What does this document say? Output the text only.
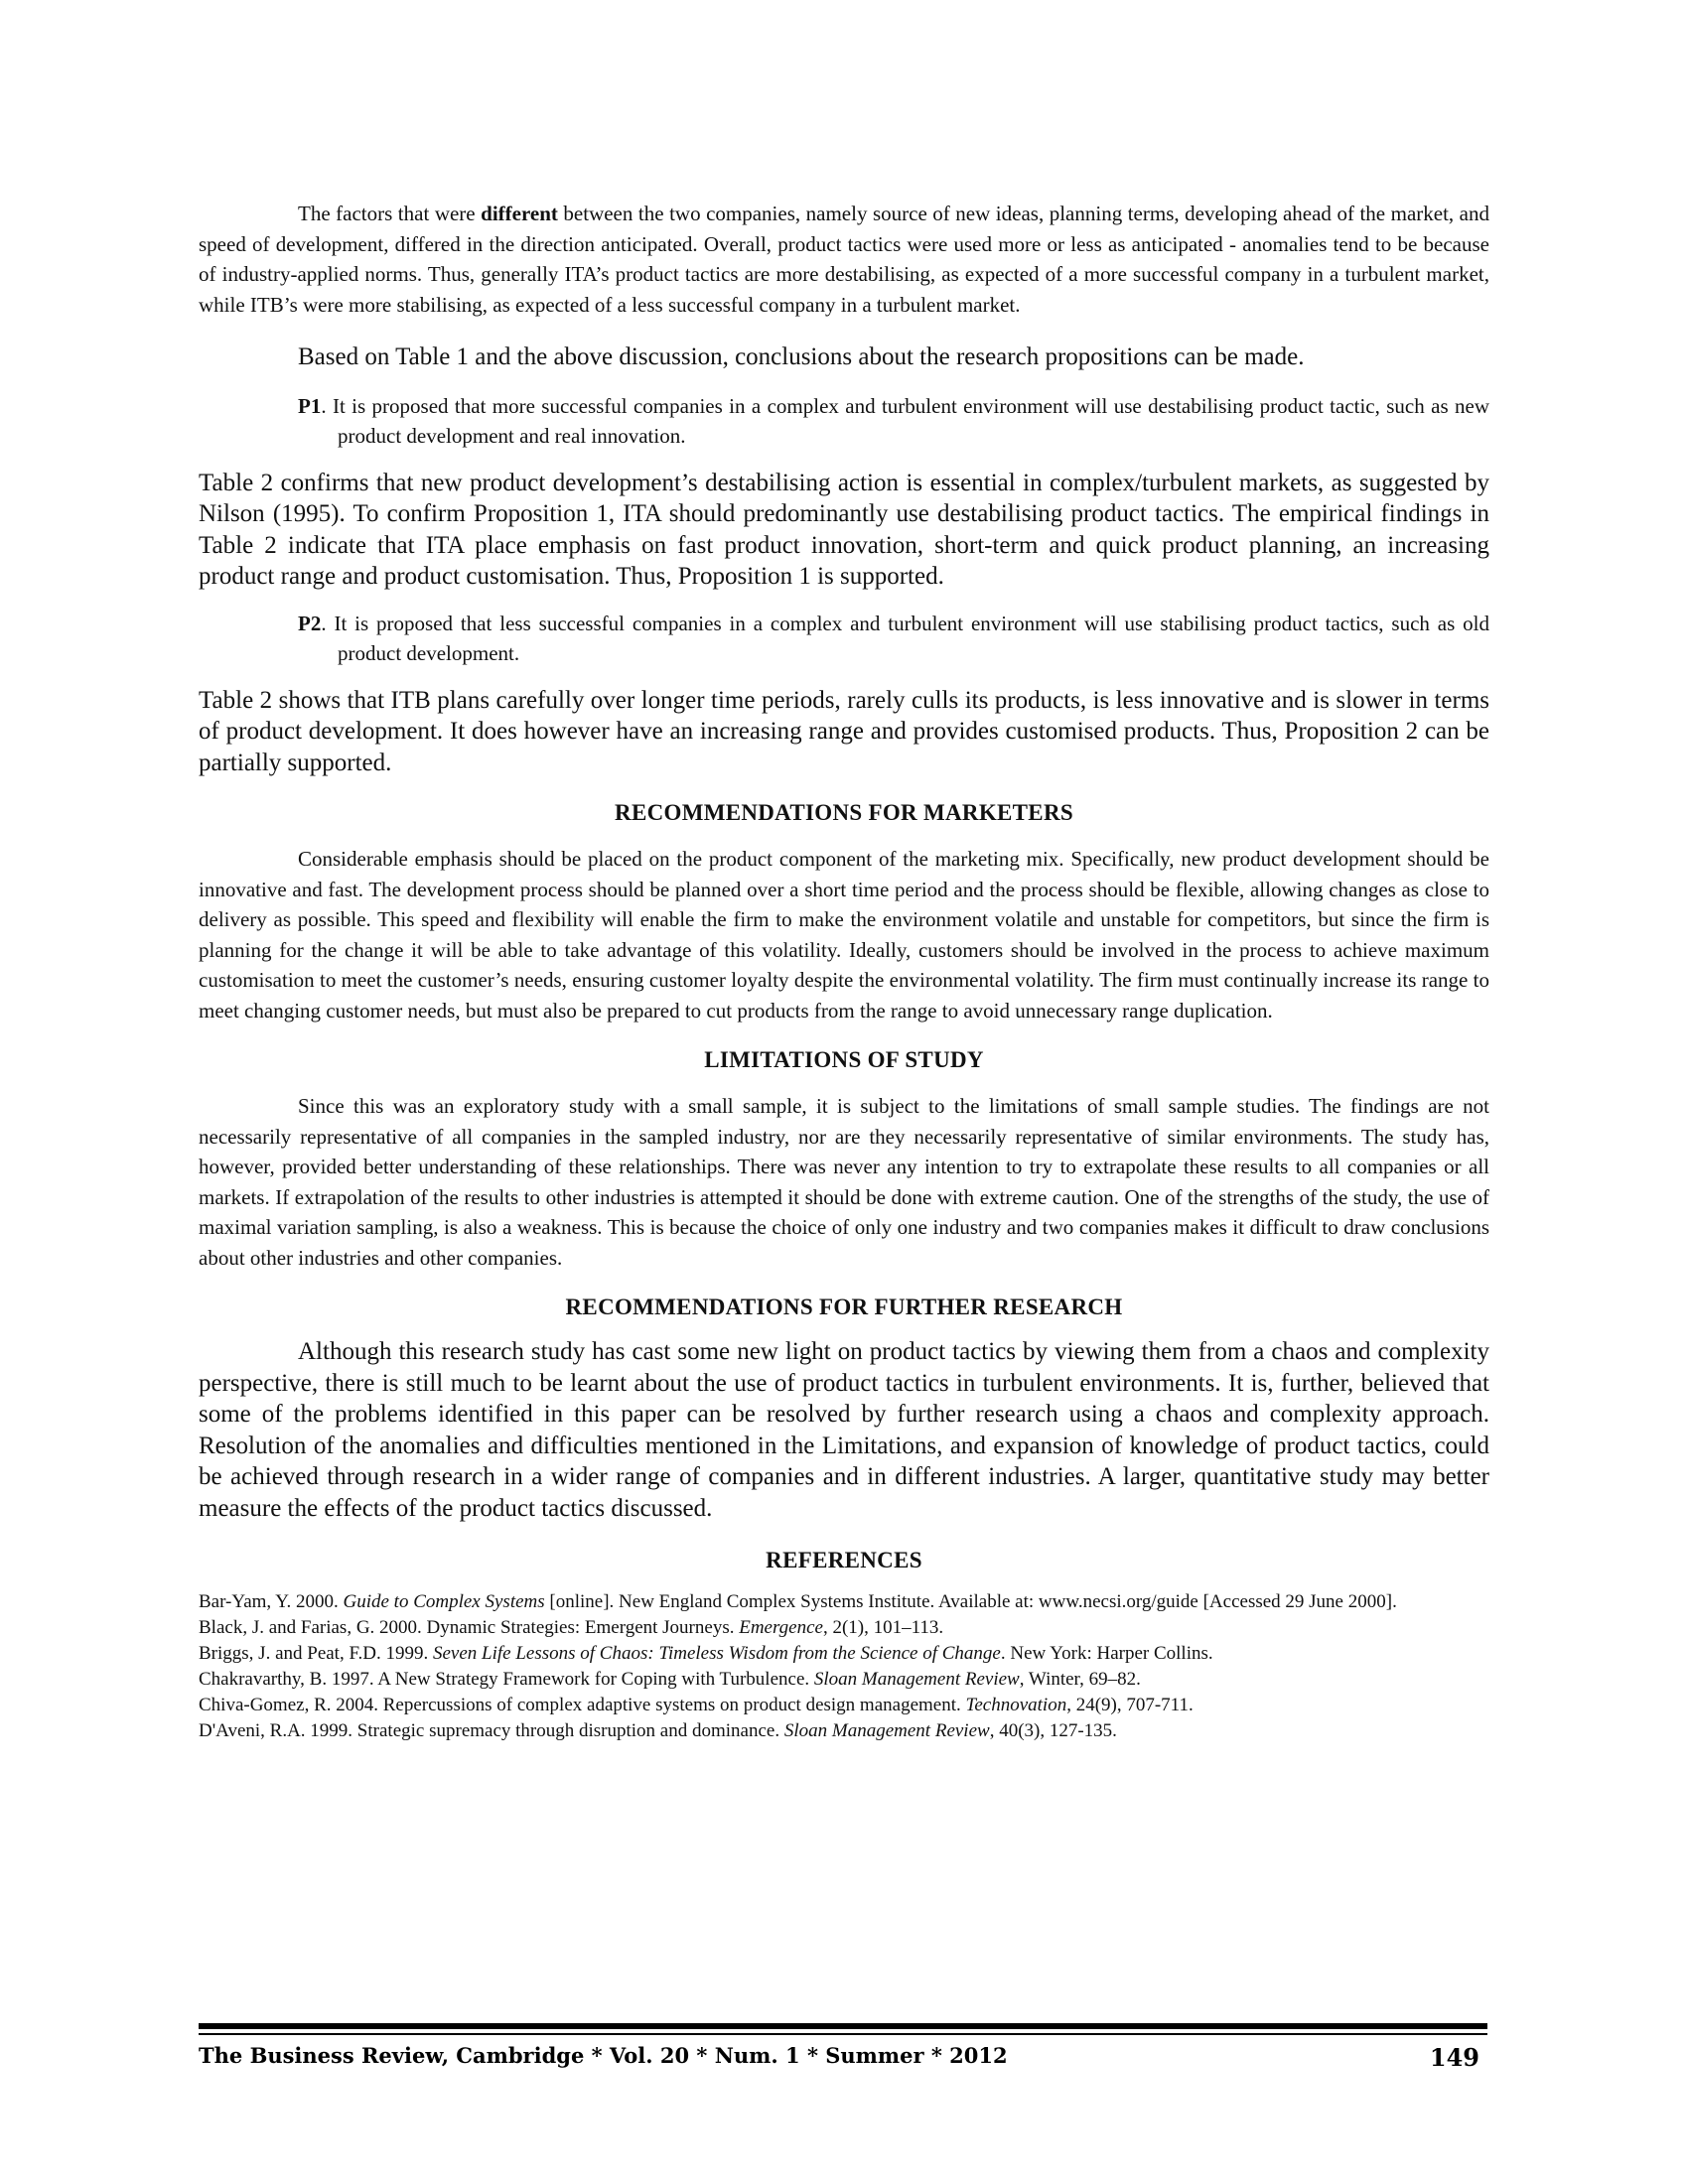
The factors that were different between the two companies, namely source of new ideas, planning terms, developing ahead of the market, and speed of development, differed in the direction anticipated. Overall, product tactics were used more or less as anticipated - anomalies tend to be because of industry-applied norms. Thus, generally ITA’s product tactics are more destabilising, as expected of a more successful company in a turbulent market, while ITB’s were more stabilising, as expected of a less successful company in a turbulent market.

Based on Table 1 and the above discussion, conclusions about the research propositions can be made.

P1. It is proposed that more successful companies in a complex and turbulent environment will use destabilising product tactic, such as new product development and real innovation.

Table 2 confirms that new product development’s destabilising action is essential in complex/turbulent markets, as suggested by Nilson (1995). To confirm Proposition 1, ITA should predominantly use destabilising product tactics. The empirical findings in Table 2 indicate that ITA place emphasis on fast product innovation, short-term and quick product planning, an increasing product range and product customisation. Thus, Proposition 1 is supported.

P2. It is proposed that less successful companies in a complex and turbulent environment will use stabilising product tactics, such as old product development.

Table 2 shows that ITB plans carefully over longer time periods, rarely culls its products, is less innovative and is slower in terms of product development. It does however have an increasing range and provides customised products. Thus, Proposition 2 can be partially supported.

RECOMMENDATIONS FOR MARKETERS

Considerable emphasis should be placed on the product component of the marketing mix. Specifically, new product development should be innovative and fast. The development process should be planned over a short time period and the process should be flexible, allowing changes as close to delivery as possible. This speed and flexibility will enable the firm to make the environment volatile and unstable for competitors, but since the firm is planning for the change it will be able to take advantage of this volatility. Ideally, customers should be involved in the process to achieve maximum customisation to meet the customer’s needs, ensuring customer loyalty despite the environmental volatility. The firm must continually increase its range to meet changing customer needs, but must also be prepared to cut products from the range to avoid unnecessary range duplication.

LIMITATIONS OF STUDY

Since this was an exploratory study with a small sample, it is subject to the limitations of small sample studies. The findings are not necessarily representative of all companies in the sampled industry, nor are they necessarily representative of similar environments. The study has, however, provided better understanding of these relationships. There was never any intention to try to extrapolate these results to all companies or all markets. If extrapolation of the results to other industries is attempted it should be done with extreme caution. One of the strengths of the study, the use of maximal variation sampling, is also a weakness. This is because the choice of only one industry and two companies makes it difficult to draw conclusions about other industries and other companies.

RECOMMENDATIONS FOR FURTHER RESEARCH

Although this research study has cast some new light on product tactics by viewing them from a chaos and complexity perspective, there is still much to be learnt about the use of product tactics in turbulent environments. It is, further, believed that some of the problems identified in this paper can be resolved by further research using a chaos and complexity approach. Resolution of the anomalies and difficulties mentioned in the Limitations, and expansion of knowledge of product tactics, could be achieved through research in a wider range of companies and in different industries. A larger, quantitative study may better measure the effects of the product tactics discussed.

REFERENCES

Bar-Yam, Y. 2000. Guide to Complex Systems [online]. New England Complex Systems Institute. Available at: www.necsi.org/guide [Accessed 29 June 2000].

Black, J. and Farias, G. 2000. Dynamic Strategies: Emergent Journeys. Emergence, 2(1), 101–113.

Briggs, J. and Peat, F.D. 1999. Seven Life Lessons of Chaos: Timeless Wisdom from the Science of Change. New York: Harper Collins.

Chakravarthy, B. 1997. A New Strategy Framework for Coping with Turbulence. Sloan Management Review, Winter, 69–82.

Chiva-Gomez, R. 2004. Repercussions of complex adaptive systems on product design management. Technovation, 24(9), 707-711.

D'Aveni, R.A. 1999. Strategic supremacy through disruption and dominance. Sloan Management Review, 40(3), 127-135.

The Business Review, Cambridge * Vol. 20 * Num. 1 * Summer * 2012	149
